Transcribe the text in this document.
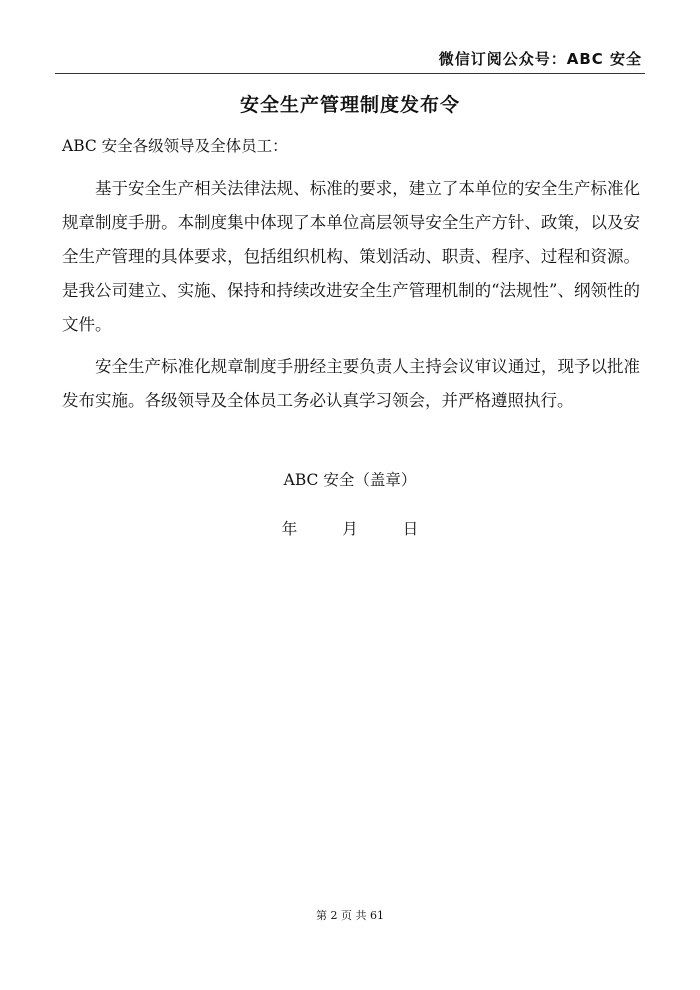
微信订阅公众号：ABC 安全
安全生产管理制度发布令
ABC 安全各级领导及全体员工：

基于安全生产相关法律法规、标准的要求，建立了本单位的安全生产标准化规章制度手册。本制度集中体现了本单位高层领导安全生产方针、政策，以及安全生产管理的具体要求，包括组织机构、策划活动、职责、程序、过程和资源。是我公司建立、实施、保持和持续改进安全生产管理机制的“法规性”、纲领性的文件。

安全生产标准化规章制度手册经主要负责人主持会议审议通过，现予以批准发布实施。各级领导及全体员工务必认真学习领会，并严格遵照执行。

ABC 安全（盖章）
年	月	日
第 2 页 共 61
